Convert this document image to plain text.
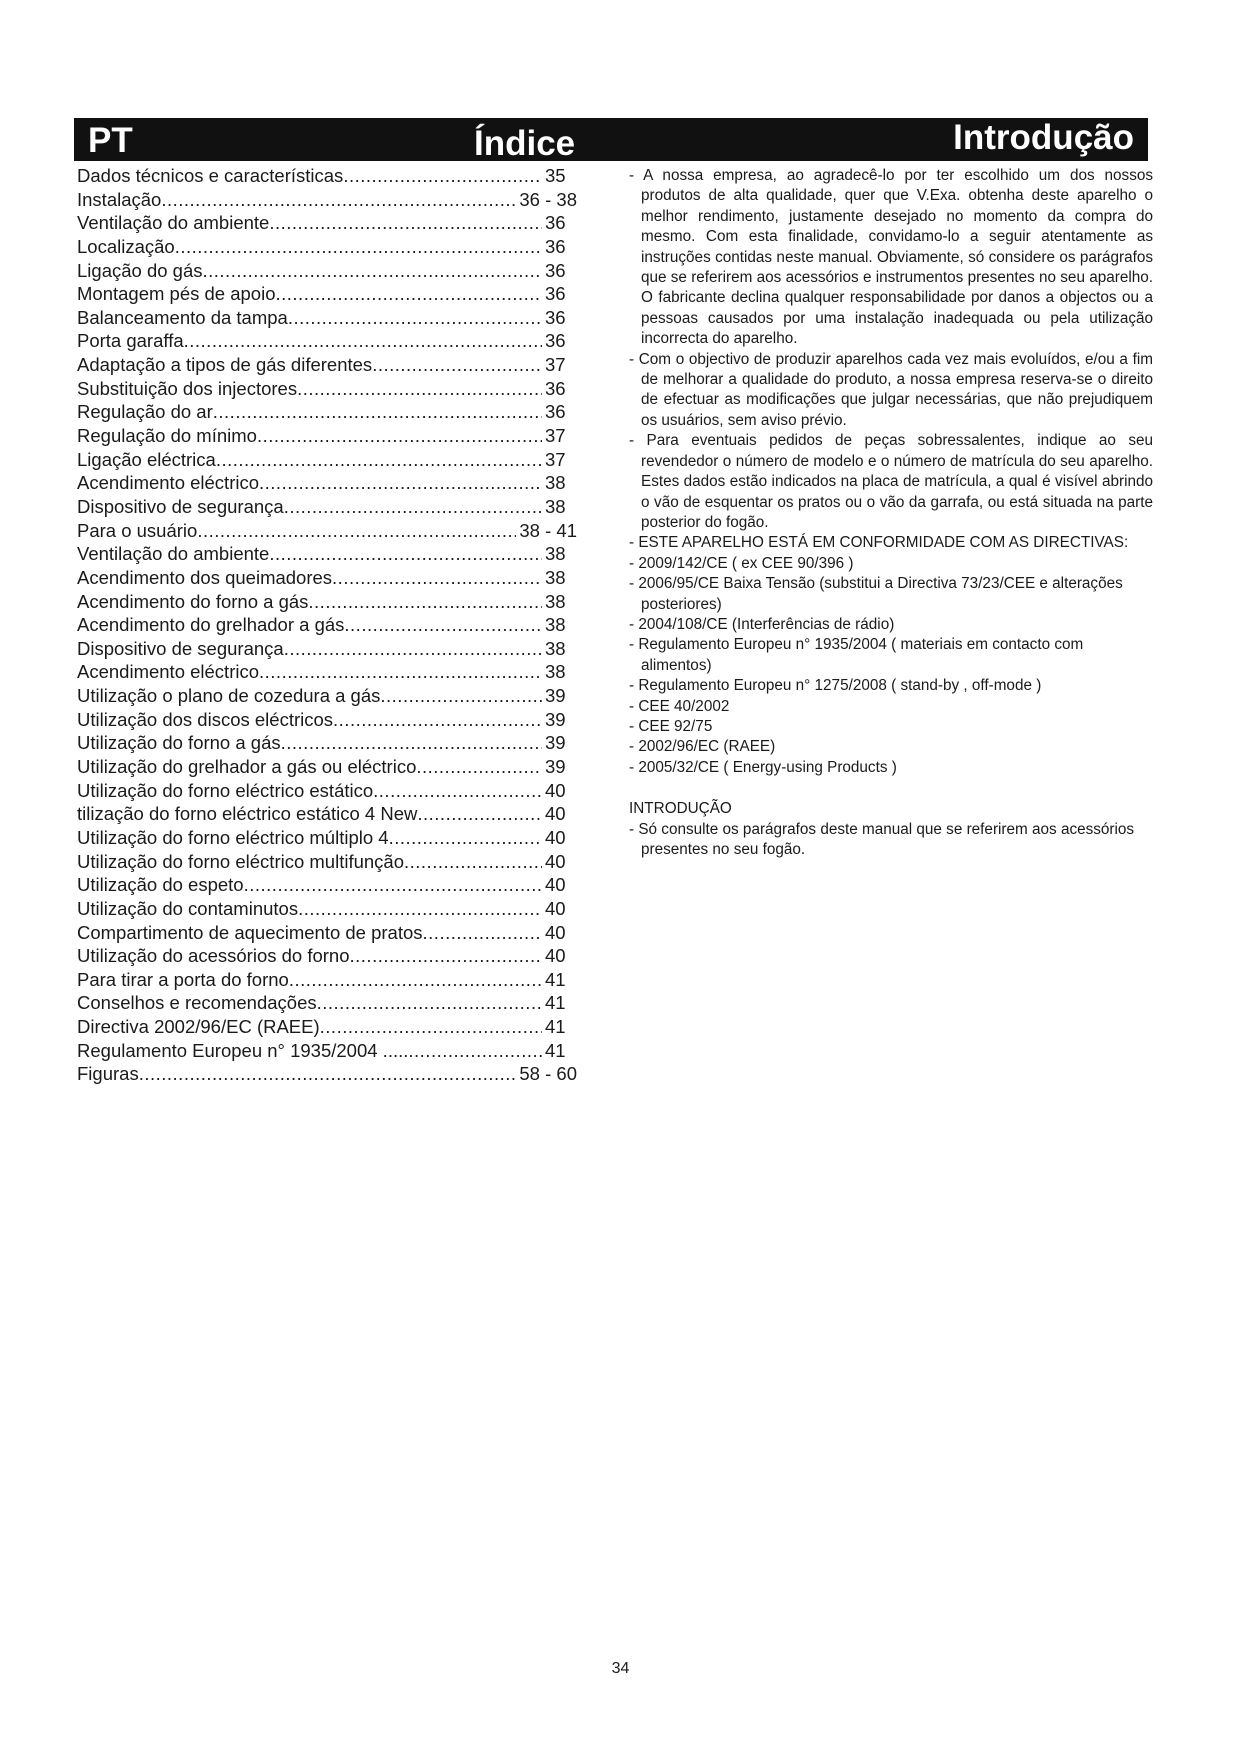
PT	Índice	Introdução
Dados técnicos e características .....	35
Instalação .....	36 - 38
Ventilação do ambiente .....	36
Localização .....	36
Ligação do gás .....	36
Montagem pés de apoio .....	36
Balanceamento da tampa .....	36
Porta garaffa .....	36
Adaptação a tipos de gás diferentes .....	37
Substituição dos injectores .....	36
Regulação do ar .....	36
Regulação do mínimo .....	37
Ligação eléctrica .....	37
Acendimento eléctrico .....	38
Dispositivo de segurança .....	38
Para o usuário .....	38 - 41
Ventilação do ambiente .....	38
Acendimento dos queimadores .....	38
Acendimento do forno a gás .....	38
Acendimento do grelhador a gás .....	38
Dispositivo de segurança .....	38
Acendimento eléctrico .....	38
Utilização o plano de cozedura a gás .....	39
Utilização dos discos eléctricos .....	39
Utilização do forno a gás .....	39
Utilização do grelhador a gás ou eléctrico .....	39
Utilização do forno eléctrico estático .....	40
tilização do forno eléctrico estático 4 New .....	40
Utilização do forno eléctrico múltiplo 4 .....	40
Utilização do forno eléctrico multifunção .....	40
Utilização do espeto .....	40
Utilização do contaminutos .....	40
Compartimento de aquecimento de pratos .....	40
Utilização do acessórios do forno .....	40
Para tirar a porta do forno .....	41
Conselhos e recomendações .....	41
Directiva 2002/96/EC (RAEE) .....	41
Regulamento Europeu n° 1935/2004 ..... .....	41
Figuras .....	58 - 60

- A nossa empresa, ao agradecê-lo por ter escolhido um dos nossos produtos de alta qualidade, quer que V.Exa. obtenha deste aparelho o melhor rendimento, justamente desejado no momento da compra do mesmo. Com esta finalidade, convidamo-lo a seguir atentamente as instruções contidas neste manual. Obviamente, só considere os parágrafos que se referirem aos acessórios e instrumentos presentes no seu aparelho. O fabricante declina qualquer responsabilidade por danos a objectos ou a pessoas causados por uma instalação inadequada ou pela utilização incorrecta do aparelho.

- Com o objectivo de produzir aparelhos cada vez mais evoluídos, e/ou a fim de melhorar a qualidade do produto, a nossa empresa reserva-se o direito de efectuar as modificações que julgar necessárias, que não prejudiquem os usuários, sem aviso prévio.

- Para eventuais pedidos de peças sobressalentes, indique ao seu revendedor o número de modelo e o número de matrícula do seu aparelho. Estes dados estão indicados na placa de matrícula, a qual é visível abrindo o vão de esquentar os pratos ou o vão da garrafa, ou está situada na parte posterior do fogão.

- ESTE APARELHO ESTÁ EM CONFORMIDADE COM AS DIRECTIVAS:

- 2009/142/CE ( ex CEE 90/396 )

- 2006/95/CE Baixa Tensão (substitui a Directiva 73/23/CEE e alterações posteriores)

- 2004/108/CE (Interferências de rádio)

- Regulamento Europeu n° 1935/2004 ( materiais em contacto com alimentos)

- Regulamento Europeu n° 1275/2008 ( stand-by , off-mode )

- CEE 40/2002

- CEE 92/75

- 2002/96/EC (RAEE)

- 2005/32/CE ( Energy-using Products )

INTRODUÇÃO

- Só consulte os parágrafos deste manual que se referirem aos acessórios presentes no seu fogão.

34
